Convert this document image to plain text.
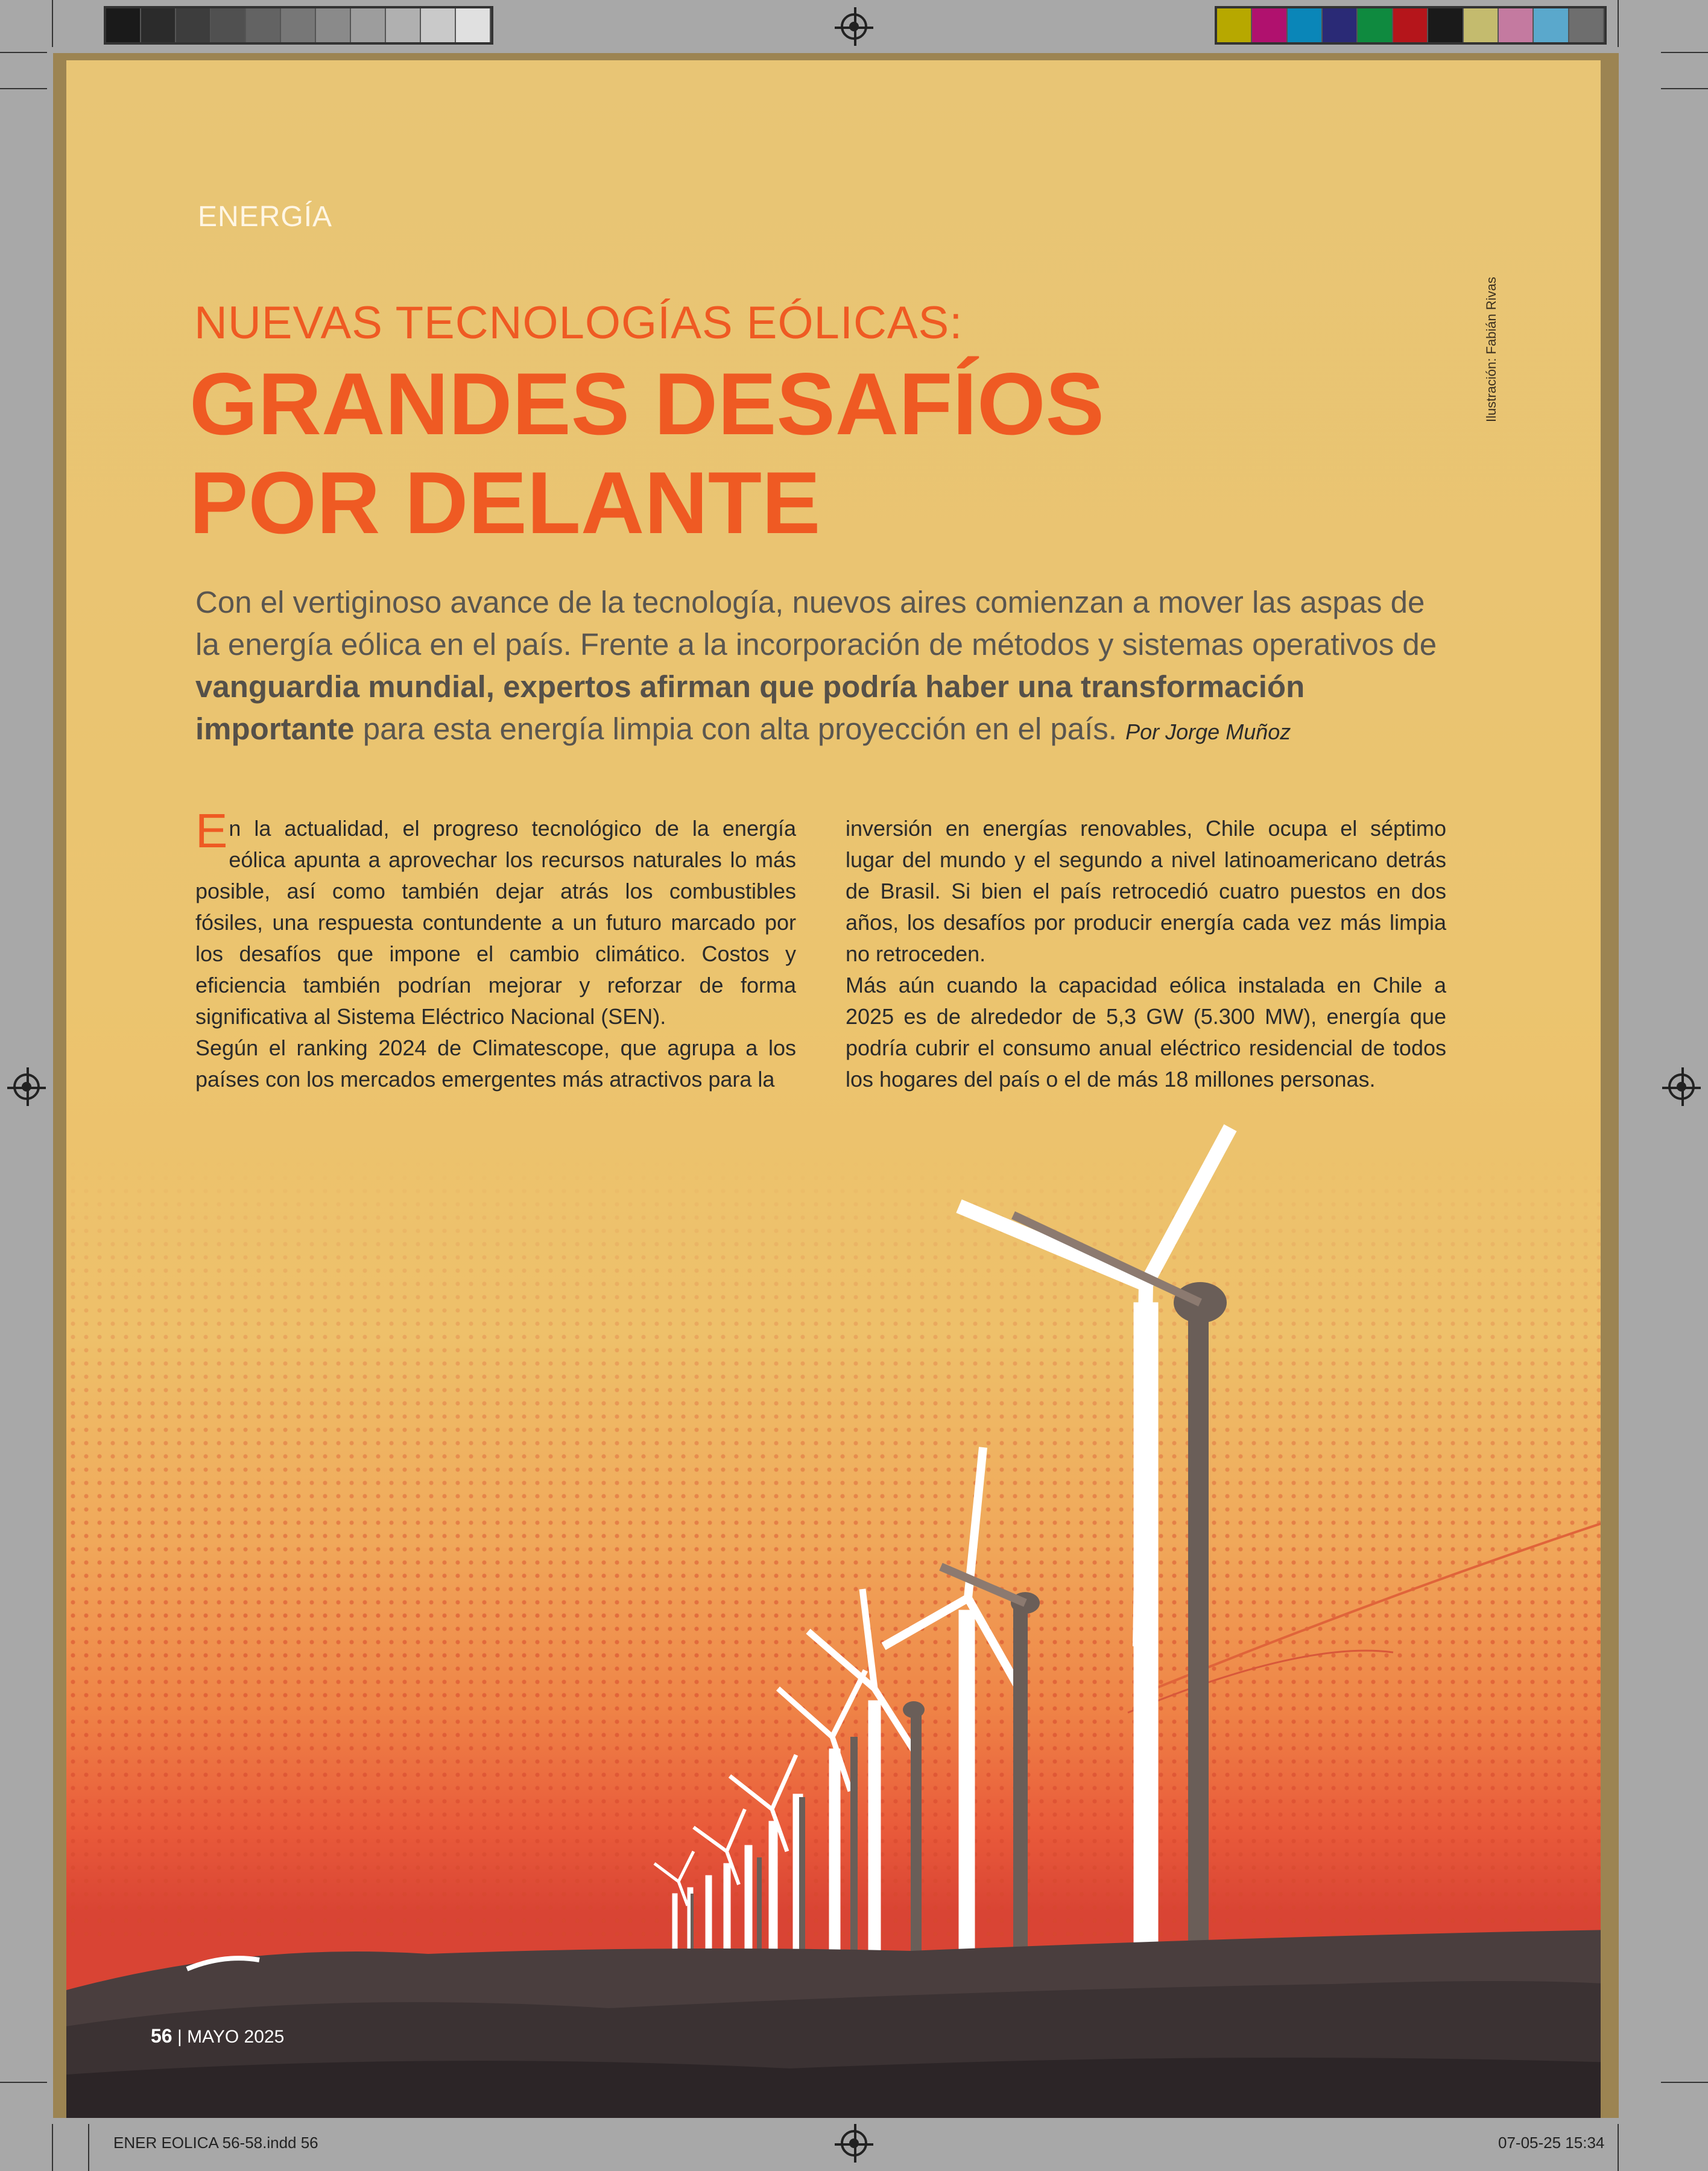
ENER EOLICA 56-58.indd 56	07-05-25 15:34
ENERGÍA
Ilustración: Fabián Rivas
NUEVAS TECNOLOGÍAS EÓLICAS:
GRANDES DESAFÍOS
POR DELANTE

Con el vertiginoso avance de la tecnología, nuevos aires comienzan a mover las aspas de la energía eólica en el país. Frente a la incorporación de métodos y sistemas operativos de vanguardia mundial, expertos afirman que podría haber una transformación importante para esta energía limpia con alta proyección en el país. Por Jorge Muñoz

En la actualidad, el progreso tecnológico de la energía eólica apunta a aprovechar los recursos naturales lo más posible, así como también dejar atrás los combustibles fósiles, una respuesta contundente a un futuro marcado por los desafíos que impone el cambio climático. Costos y eficiencia también podrían mejorar y reforzar de forma significativa al Sistema Eléctrico Nacional (SEN).

Según el ranking 2024 de Climatescope, que agrupa a los países con los mercados emergentes más atractivos para la

inversión en energías renovables, Chile ocupa el séptimo lugar del mundo y el segundo a nivel latinoamericano detrás de Brasil. Si bien el país retrocedió cuatro puestos en dos años, los desafíos por producir energía cada vez más limpia no retroceden.

Más aún cuando la capacidad eólica instalada en Chile a 2025 es de alrededor de 5,3 GW (5.300 MW), energía que podría cubrir el consumo anual eléctrico residencial de todos los hogares del país o el de más 18 millones personas.

56 | MAYO 2025
